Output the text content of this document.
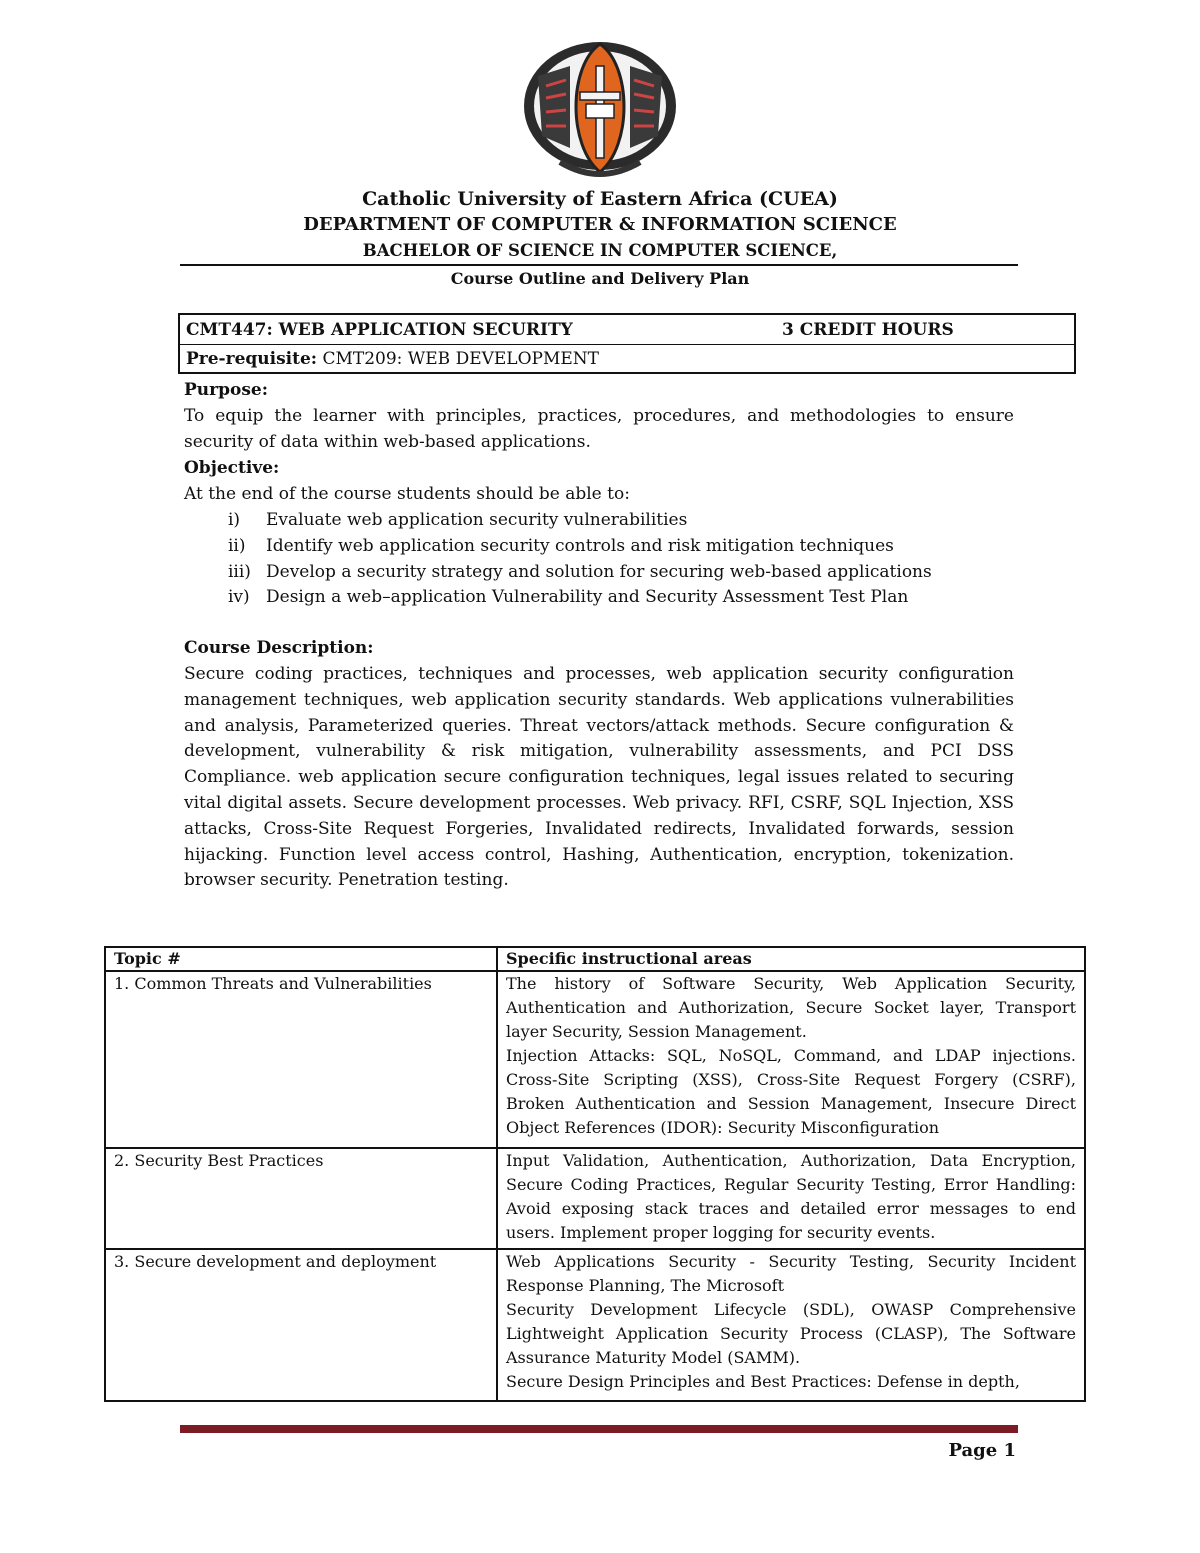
Catholic University of Eastern Africa (CUEA)
DEPARTMENT OF COMPUTER & INFORMATION SCIENCE
BACHELOR OF SCIENCE IN COMPUTER SCIENCE,
Course Outline and Delivery Plan
CMT447: WEB APPLICATION SECURITY	3 CREDIT HOURS
Pre-requisite: CMT209: WEB DEVELOPMENT
Purpose:
To equip the learner with principles, practices, procedures, and methodologies to ensure security of data within web-based applications.
Objective:
At the end of the course students should be able to:
i) Evaluate web application security vulnerabilities
ii) Identify web application security controls and risk mitigation techniques
iii) Develop a security strategy and solution for securing web-based applications
iv) Design a web–application Vulnerability and Security Assessment Test Plan
Course Description:
Secure coding practices, techniques and processes, web application security configuration management techniques, web application security standards. Web applications vulnerabilities and analysis, Parameterized queries. Threat vectors/attack methods. Secure configuration & development, vulnerability & risk mitigation, vulnerability assessments, and PCI DSS Compliance. web application secure configuration techniques, legal issues related to securing vital digital assets. Secure development processes. Web privacy. RFI, CSRF, SQL Injection, XSS attacks, Cross-Site Request Forgeries, Invalidated redirects, Invalidated forwards, session hijacking. Function level access control, Hashing, Authentication, encryption, tokenization. browser security. Penetration testing.
Topic #	Specific instructional areas
1. Common Threats and Vulnerabilities	The history of Software Security, Web Application Security, Authentication and Authorization, Secure Socket layer, Transport layer Security, Session Management.
Injection Attacks: SQL, NoSQL, Command, and LDAP injections. Cross-Site Scripting (XSS), Cross-Site Request Forgery (CSRF), Broken Authentication and Session Management, Insecure Direct Object References (IDOR): Security Misconfiguration

2. Security Best Practices	Input Validation, Authentication, Authorization, Data Encryption, Secure Coding Practices, Regular Security Testing, Error Handling: Avoid exposing stack traces and detailed error messages to end users. Implement proper logging for security events.

3. Secure development and deployment	Web Applications Security - Security Testing, Security Incident Response Planning, The Microsoft
Security Development Lifecycle (SDL), OWASP Comprehensive Lightweight Application Security Process (CLASP), The Software Assurance Maturity Model (SAMM).
Secure Design Principles and Best Practices: Defense in depth,
Page 1
